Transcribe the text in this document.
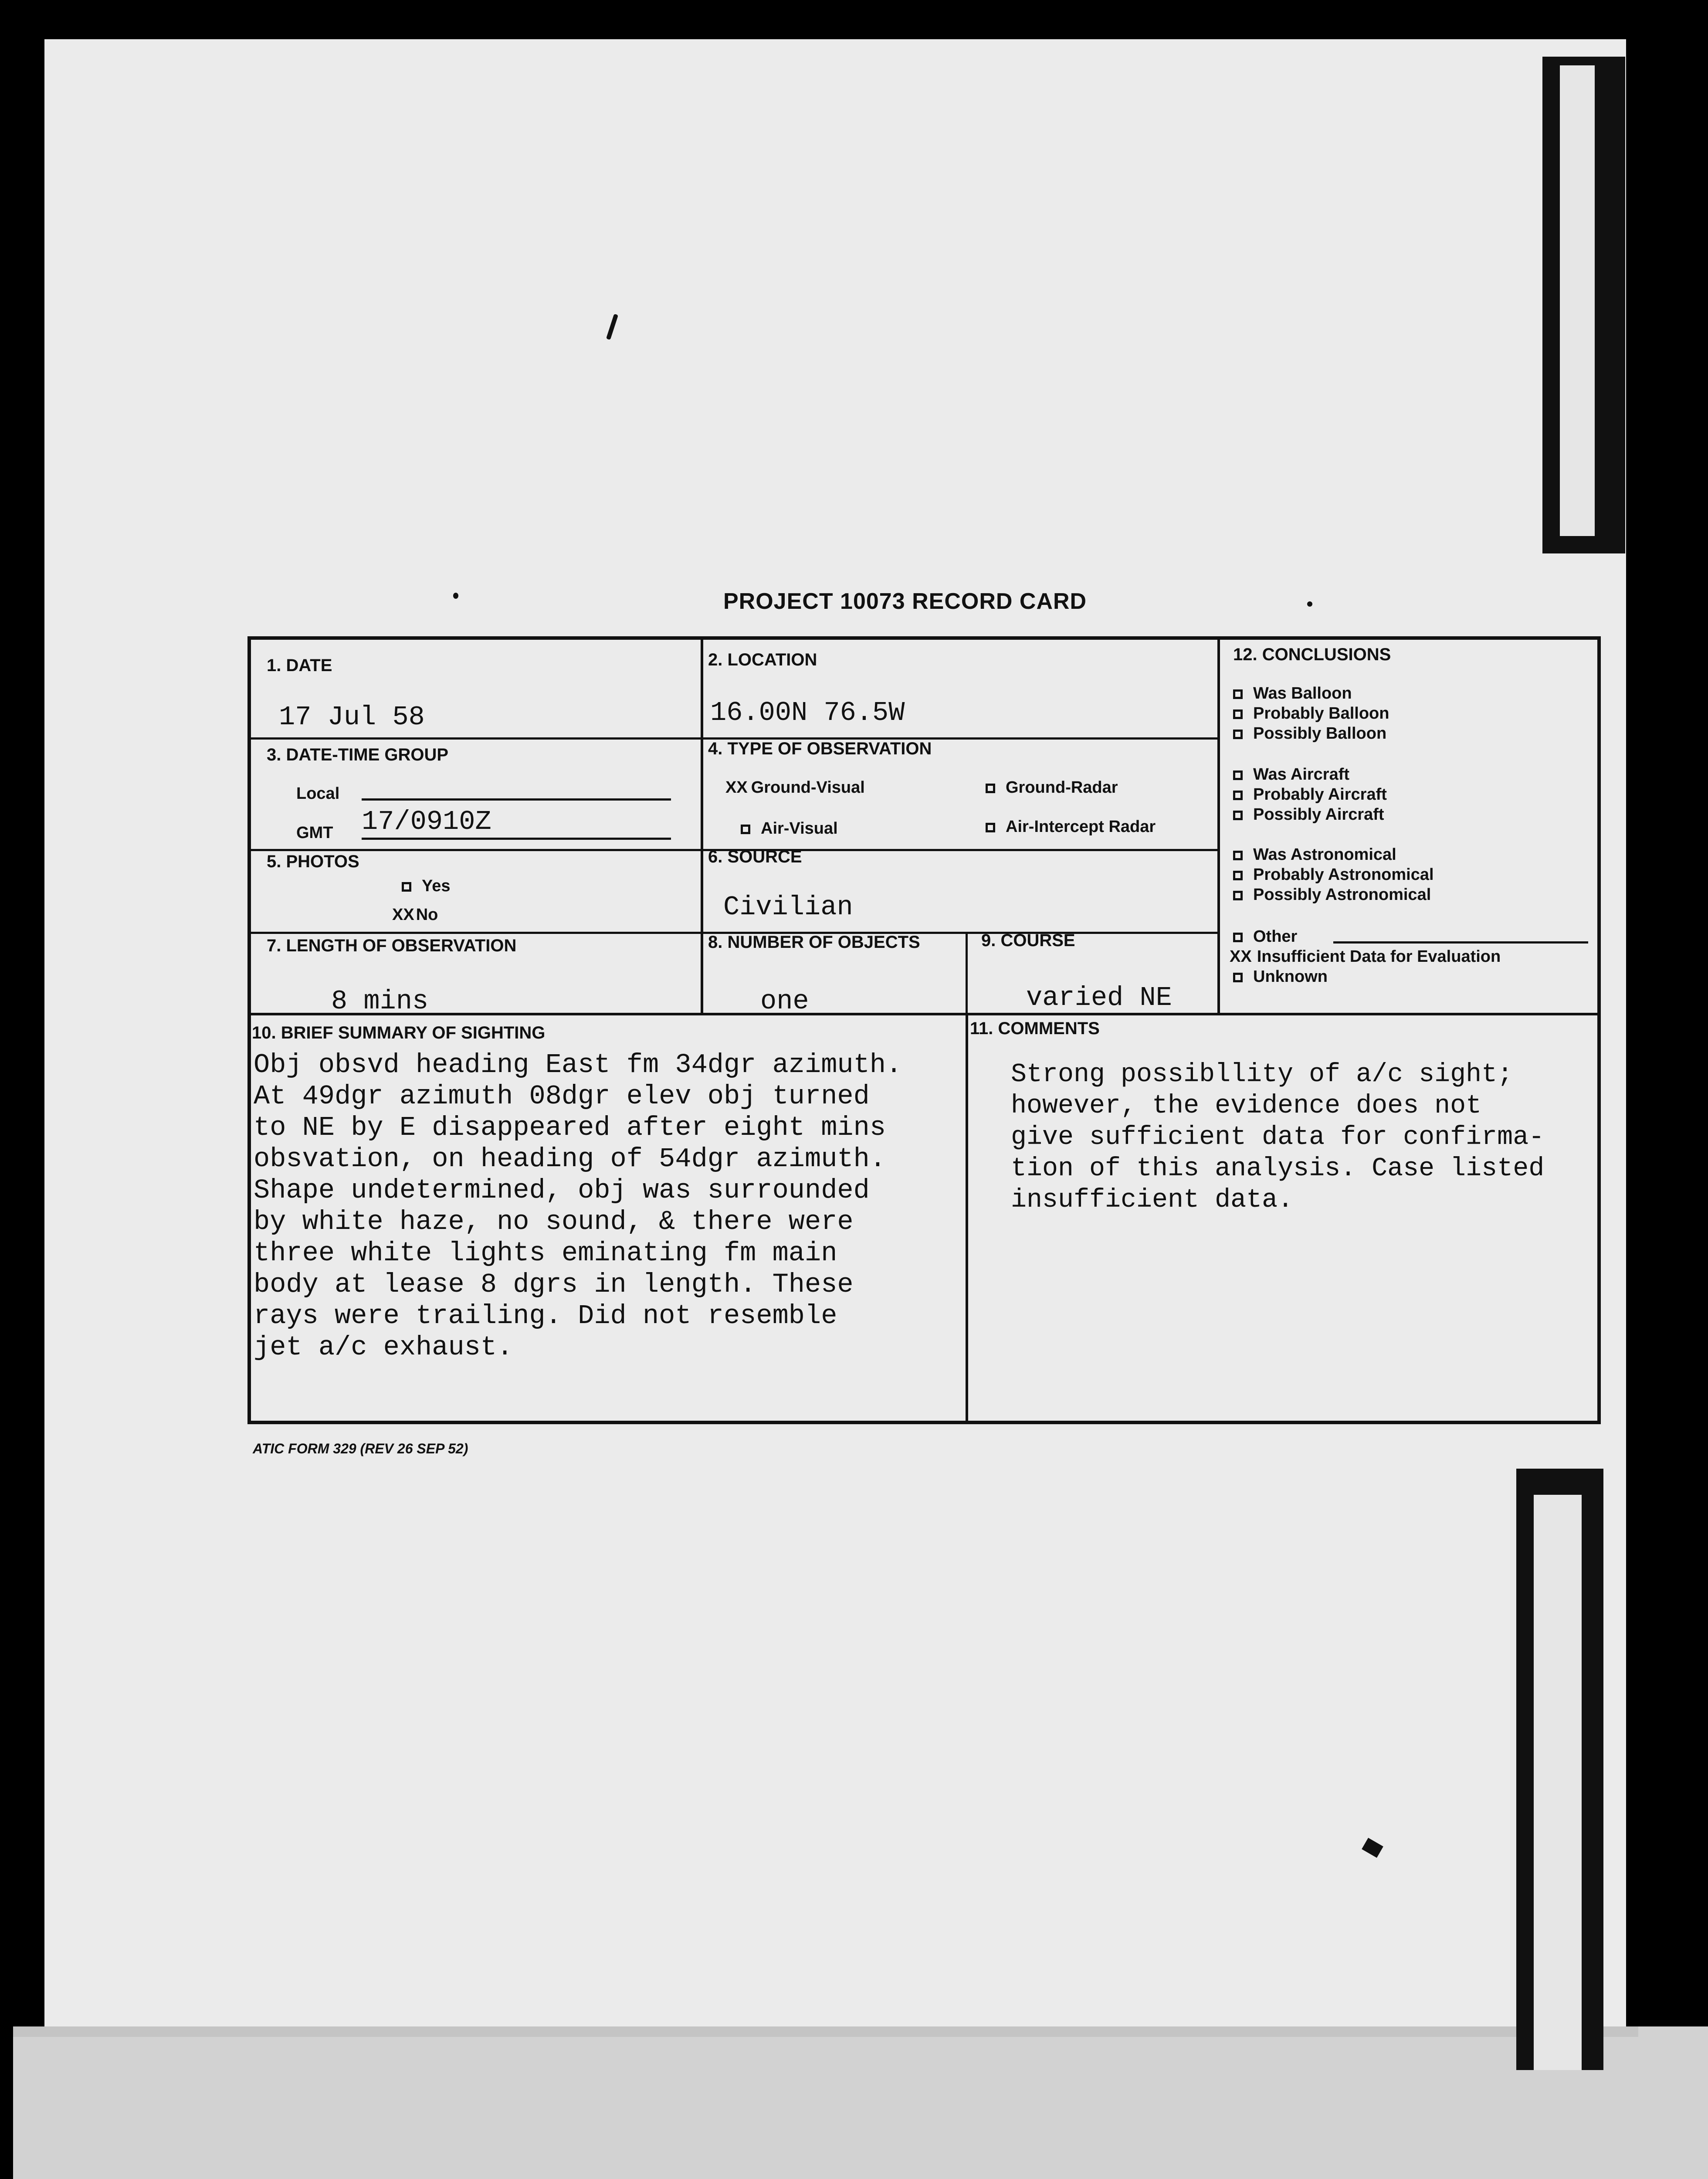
PROJECT 10073 RECORD CARD
1. DATE
17 Jul 58
2. LOCATION
16.00N 76.5W
3. DATE-TIME GROUP
Local
GMT 17/0910Z
4. TYPE OF OBSERVATION
XX Ground-Visual	Ground-Radar
Air-Visual	Air-Intercept Radar
5. PHOTOS
Yes
XX No
6. SOURCE
Civilian
7. LENGTH OF OBSERVATION
8 mins
8. NUMBER OF OBJECTS
one
9. COURSE
varied NE
12. CONCLUSIONS
Was Balloon
Probably Balloon
Possibly Balloon
Was Aircraft
Probably Aircraft
Possibly Aircraft
Was Astronomical
Probably Astronomical
Possibly Astronomical
Other
XX Insufficient Data for Evaluation
Unknown
10. BRIEF SUMMARY OF SIGHTING
Obj obsvd heading East fm 34dgr azimuth.
At 49dgr azimuth 08dgr elev obj turned
to NE by E disappeared after eight mins
obsvation, on heading of 54dgr azimuth.
Shape undetermined, obj was surrounded
by white haze, no sound, & there were
three white lights eminating fm main
body at lease 8 dgrs in length. These
rays were trailing. Did not resemble
jet a/c exhaust.
11. COMMENTS
Strong possibllity of a/c sight;
however, the evidence does not
give sufficient data for confirma-
tion of this analysis. Case listed
insufficient data.
ATIC FORM 329 (REV 26 SEP 52)
